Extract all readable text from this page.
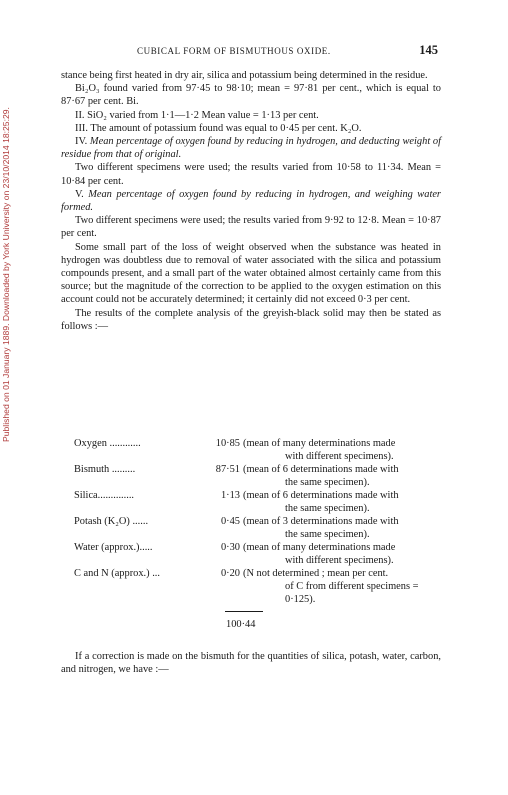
Published on 01 January 1889. Downloaded by York University on 23/10/2014 18:25:29.
CUBICAL FORM OF BISMUTHOUS OXIDE.	145

stance being first heated in dry air, silica and potassium being determined in the residue.

Bi₂O₃ found varied from 97·45 to 98·10; mean = 97·81 per cent., which is equal to 87·67 per cent. Bi.

II. SiO₂ varied from 1·1—1·2 Mean value = 1·13 per cent.

III. The amount of potassium found was equal to 0·45 per cent. K₂O.

IV. Mean percentage of oxygen found by reducing in hydrogen, and deducting weight of residue from that of original.

Two different specimens were used; the results varied from 10·58 to 11·34. Mean = 10·84 per cent.

V. Mean percentage of oxygen found by reducing in hydrogen, and weighing water formed.

Two different specimens were used; the results varied from 9·92 to 12·8. Mean = 10·87 per cent.

Some small part of the loss of weight observed when the substance was heated in hydrogen was doubtless due to removal of water associated with the silica and potassium compounds present, and a small part of the water obtained almost certainly came from this source; but the magnitude of the correction to be applied to the oxygen estimation on this account could not be accurately determined; it certainly did not exceed 0·3 per cent.

The results of the complete analysis of the greyish-black solid may then be stated as follows :—

Oxygen ............	10·85 (mean of many determinations made
with different specimens).
Bismuth .........	87·51 (mean of 6 determinations made with
the same specimen).
Silica..............	1·13 (mean of 6 determinations made with
the same specimen).
Potash (K₂O) ......	0·45 (mean of 3 determinations made with
the same specimen).
Water (approx.).....	0·30 (mean of many determinations made
with different specimens).
C and N (approx.) ...	0·20 (N not determined ; mean per cent.
of C from different specimens = 0·125).
100·44

If a correction is made on the bismuth for the quantities of silica, potash, water, carbon, and nitrogen, we have :—
